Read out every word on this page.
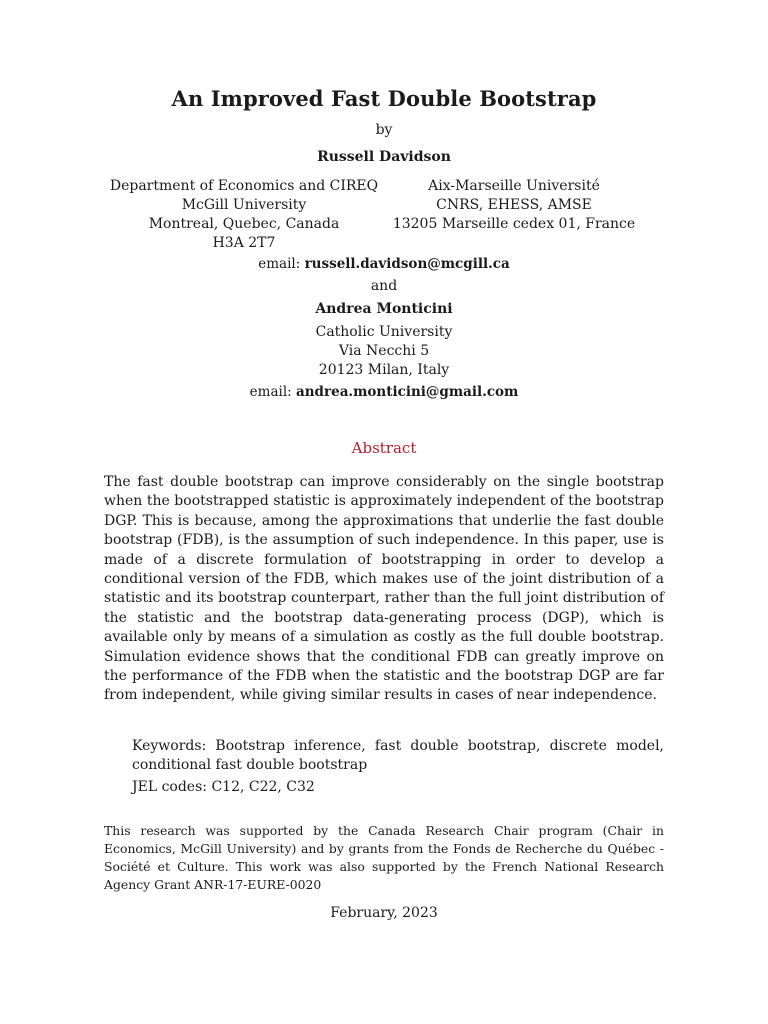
An Improved Fast Double Bootstrap
by
Russell Davidson
Department of Economics and CIREQ
McGill University
Montreal, Quebec, Canada
H3A 2T7
Aix-Marseille Université
CNRS, EHESS, AMSE
13205 Marseille cedex 01, France
email: russell.davidson@mcgill.ca
and
Andrea Monticini
Catholic University
Via Necchi 5
20123 Milan, Italy
email: andrea.monticini@gmail.com
Abstract
The fast double bootstrap can improve considerably on the single bootstrap when the bootstrapped statistic is approximately independent of the bootstrap DGP. This is because, among the approximations that underlie the fast double bootstrap (FDB), is the assumption of such independence. In this paper, use is made of a discrete formulation of bootstrapping in order to develop a conditional version of the FDB, which makes use of the joint distribution of a statistic and its bootstrap counterpart, rather than the full joint distribution of the statistic and the bootstrap data-generating process (DGP), which is available only by means of a simulation as costly as the full double bootstrap. Simulation evidence shows that the conditional FDB can greatly improve on the performance of the FDB when the statistic and the bootstrap DGP are far from independent, while giving similar results in cases of near independence.
Keywords: Bootstrap inference, fast double bootstrap, discrete model, conditional fast double bootstrap
JEL codes: C12, C22, C32
This research was supported by the Canada Research Chair program (Chair in Economics, McGill University) and by grants from the Fonds de Recherche du Québec - Société et Culture. This work was also supported by the French National Research Agency Grant ANR-17-EURE-0020
February, 2023
